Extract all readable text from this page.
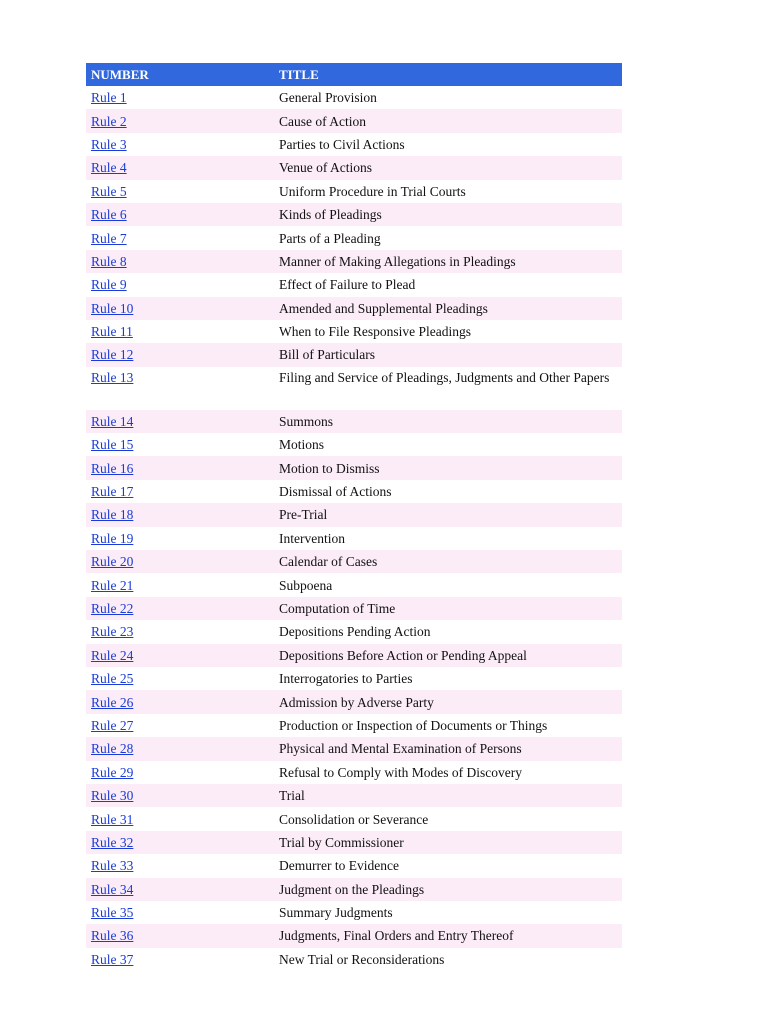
NUMBER	TITLE
Rule 1	General Provision
Rule 2	Cause of Action
Rule 3	Parties to Civil Actions
Rule 4	Venue of Actions
Rule 5	Uniform Procedure in Trial Courts
Rule 6	Kinds of Pleadings
Rule 7	Parts of a Pleading
Rule 8	Manner of Making Allegations in Pleadings
Rule 9	Effect of Failure to Plead
Rule 10	Amended and Supplemental Pleadings
Rule 11	When to File Responsive Pleadings
Rule 12	Bill of Particulars
Rule 13	Filing and Service of Pleadings, Judgments and Other Papers
Rule 14	Summons
Rule 15	Motions
Rule 16	Motion to Dismiss
Rule 17	Dismissal of Actions
Rule 18	Pre-Trial
Rule 19	Intervention
Rule 20	Calendar of Cases
Rule 21	Subpoena
Rule 22	Computation of Time
Rule 23	Depositions Pending Action
Rule 24	Depositions Before Action or Pending Appeal
Rule 25	Interrogatories to Parties
Rule 26	Admission by Adverse Party
Rule 27	Production or Inspection of Documents or Things
Rule 28	Physical and Mental Examination of Persons
Rule 29	Refusal to Comply with Modes of Discovery
Rule 30	Trial
Rule 31	Consolidation or Severance
Rule 32	Trial by Commissioner
Rule 33	Demurrer to Evidence
Rule 34	Judgment on the Pleadings
Rule 35	Summary Judgments
Rule 36	Judgments, Final Orders and Entry Thereof
Rule 37	New Trial or Reconsiderations
